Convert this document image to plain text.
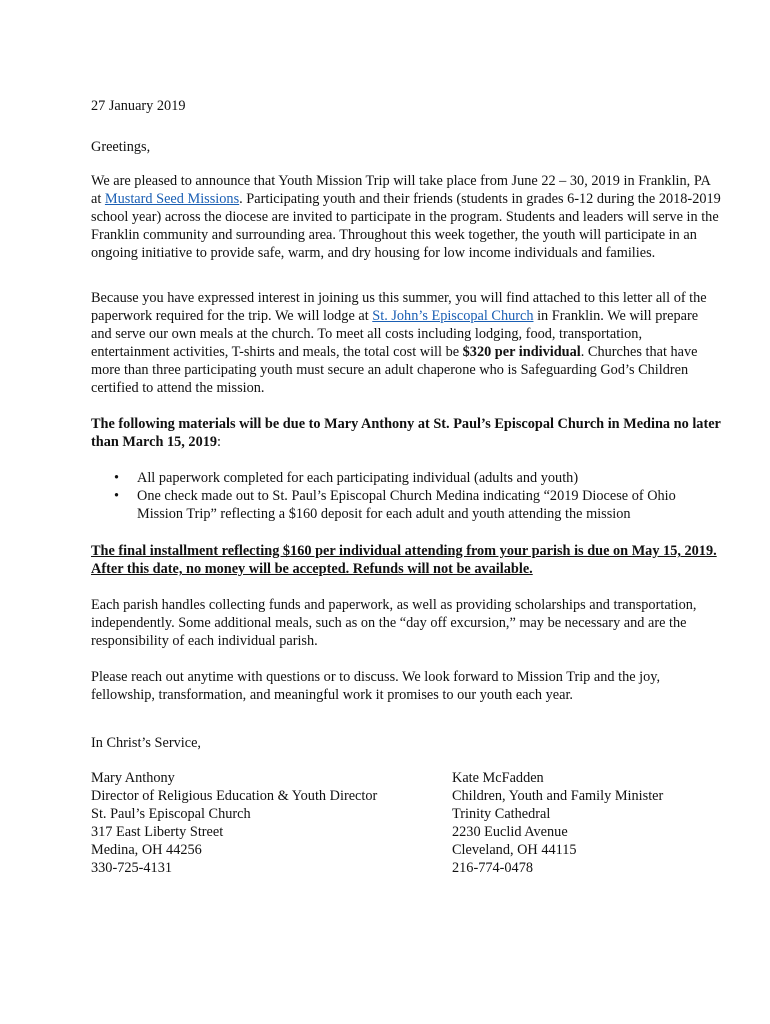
27 January 2019

Greetings,

We are pleased to announce that Youth Mission Trip will take place from June 22 – 30, 2019 in Franklin, PA at Mustard Seed Missions. Participating youth and their friends (students in grades 6-12 during the 2018-2019 school year) across the diocese are invited to participate in the program. Students and leaders will serve in the Franklin community and surrounding area. Throughout this week together, the youth will participate in an ongoing initiative to provide safe, warm, and dry housing for low income individuals and families.

Because you have expressed interest in joining us this summer, you will find attached to this letter all of the paperwork required for the trip. We will lodge at St. John’s Episcopal Church in Franklin. We will prepare and serve our own meals at the church. To meet all costs including lodging, food, transportation, entertainment activities, T-shirts and meals, the total cost will be $320 per individual. Churches that have more than three participating youth must secure an adult chaperone who is Safeguarding God’s Children certified to attend the mission.

The following materials will be due to Mary Anthony at St. Paul’s Episcopal Church in Medina no later than March 15, 2019:

• All paperwork completed for each participating individual (adults and youth)
• One check made out to St. Paul’s Episcopal Church Medina indicating “2019 Diocese of Ohio Mission Trip” reflecting a $160 deposit for each adult and youth attending the mission

The final installment reflecting $160 per individual attending from your parish is due on May 15, 2019. After this date, no money will be accepted. Refunds will not be available.

Each parish handles collecting funds and paperwork, as well as providing scholarships and transportation, independently. Some additional meals, such as on the “day off excursion,” may be necessary and are the responsibility of each individual parish.

Please reach out anytime with questions or to discuss. We look forward to Mission Trip and the joy, fellowship, transformation, and meaningful work it promises to our youth each year.

In Christ’s Service,

Mary Anthony
Director of Religious Education & Youth Director
St. Paul’s Episcopal Church
317 East Liberty Street
Medina, OH 44256
330-725-4131
Kate McFadden
Children, Youth and Family Minister
Trinity Cathedral
2230 Euclid Avenue
Cleveland, OH 44115
216-774-0478
